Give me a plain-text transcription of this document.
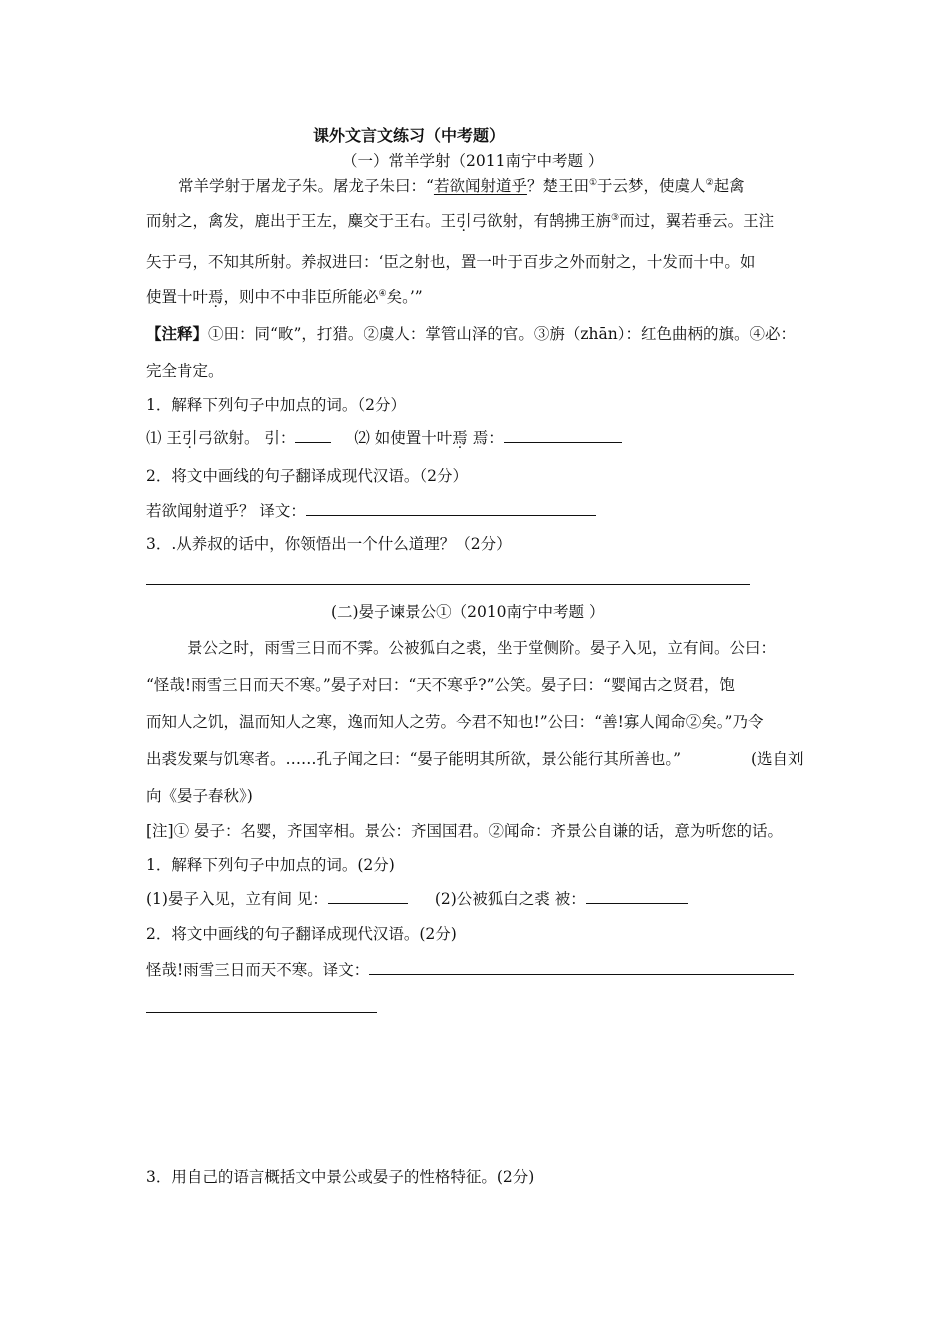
课外文言文练习（中考题）
（一）常羊学射（2011南宁中考题 ）
常羊学射于屠龙子朱。屠龙子朱曰：“若欲闻射道乎？楚王田①于云梦，使虞人②起禽
而射之，禽发，鹿出于王左，麋交于王右。王引弓欲射，有鹄拂王旃③而过，翼若垂云。王注
矢于弓，不知其所射。养叔进曰：‘臣之射也，置一叶于百步之外而射之，十发而十中。如
使置十叶焉，则中不中非臣所能必④矣。’”
【注释】①田：同“畋”，打猎。②虞人：掌管山泽的官。③旃（zhān）：红色曲柄的旗。④必：
完全肯定。
1．解释下列句子中加点的词。（2分）
⑴ 王引弓欲射。 引：	⑵ 如使置十叶焉 焉：
2．将文中画线的句子翻译成现代汉语。（2分）
若欲闻射道乎？ 译文：
3．.从养叔的话中，你领悟出一个什么道理？（2分）
(二)晏子谏景公①（2010南宁中考题 ）
景公之时，雨雪三日而不霁。公被狐白之裘，坐于堂侧阶。晏子入见，立有间。公曰：
“怪哉!雨雪三日而天不寒。”晏子对曰：“天不寒乎?”公笑。晏子曰：“婴闻古之贤君，饱
而知人之饥，温而知人之寒，逸而知人之劳。今君不知也!”公曰：“善!寡人闻命②矣。”乃令
出裘发粟与饥寒者。……孔子闻之曰：“晏子能明其所欲，景公能行其所善也。”	(选自刘
向《晏子春秋》)
[注]① 晏子：名婴，齐国宰相。景公：齐国国君。②闻命：齐景公自谦的话，意为听您的话。
1．解释下列句子中加点的词。(2分)
(1)晏子入见，立有间 见：	(2)公被狐白之裘 被：
2．将文中画线的句子翻译成现代汉语。(2分)
怪哉!雨雪三日而天不寒。译文：
3．用自己的语言概括文中景公或晏子的性格特征。(2分)
